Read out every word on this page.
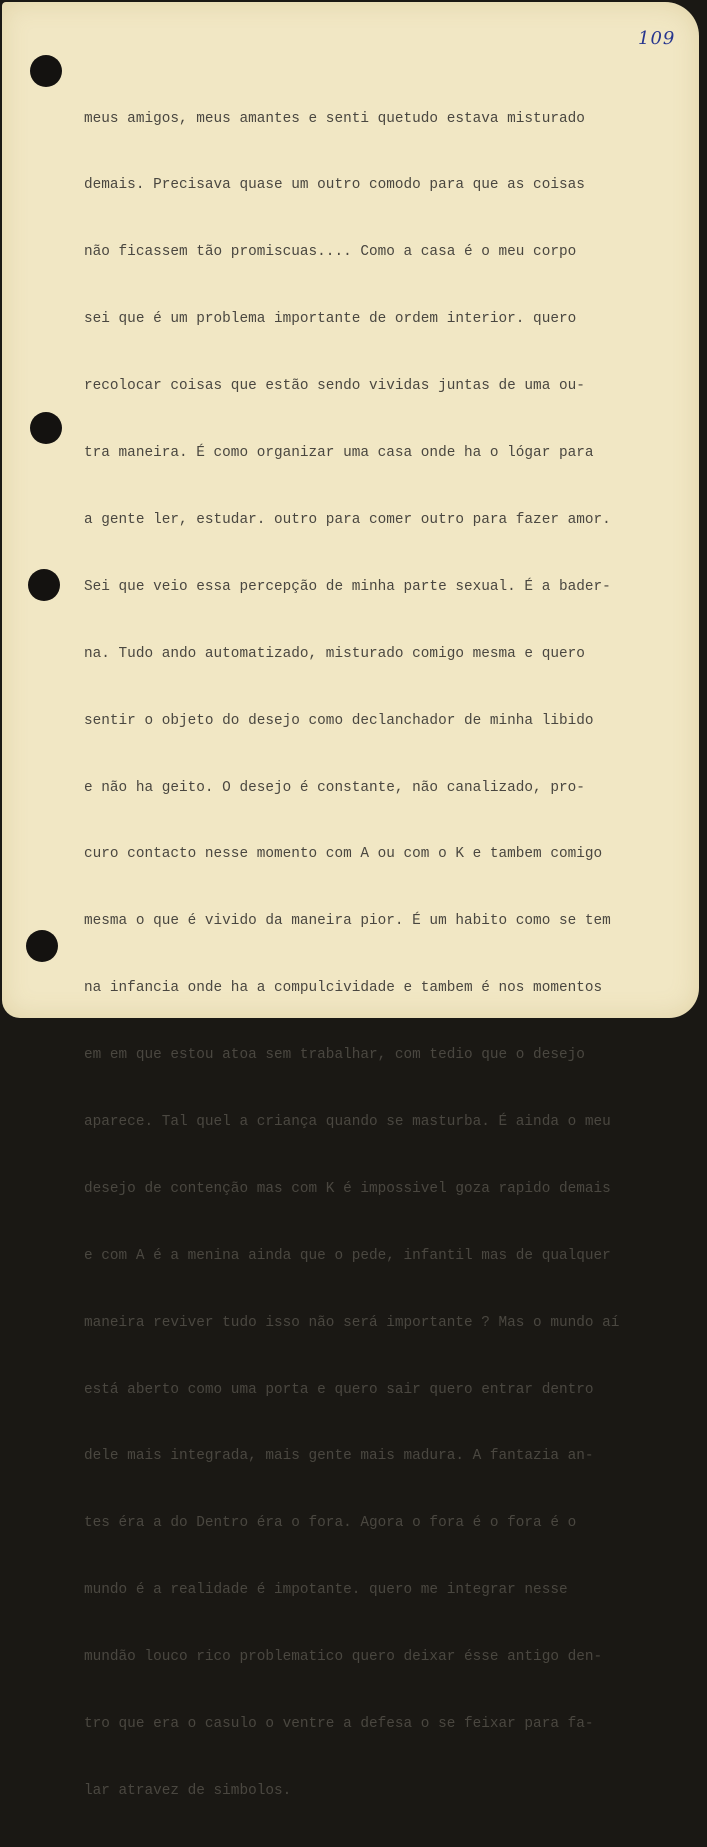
109

meus amigos, meus amantes e senti quetudo estava misturado

demais. Precisava quase um outro comodo para que as coisas

não ficassem tão promiscuas.... Como a casa é o meu corpo

sei que é um problema importante de ordem interior. quero

recolocar coisas que estão sendo vividas juntas de uma ou-

tra maneira. É como organizar uma casa onde ha o lógar para

a gente ler, estudar. outro para comer outro para fazer amor.

Sei que veio essa percepção de minha parte sexual. É a bader-

na. Tudo ando automatizado, misturado comigo mesma e quero

sentir o objeto do desejo como declanchador de minha libido

e não ha geito. O desejo é constante, não canalizado, pro-

curo contacto nesse momento com A ou com o K e tambem comigo

mesma o que é vivido da maneira pior. É um habito como se tem

na infancia onde ha a compulcividade e tambem é nos momentos

em em que estou atoa sem trabalhar, com tedio que o desejo

aparece. Tal quel a criança quando se masturba. É ainda o meu

desejo de contenção mas com K é impossivel goza rapido demais

e com A é a menina ainda que o pede, infantil mas de qualquer

maneira reviver tudo isso não será importante ? Mas o mundo aí

está aberto como uma porta e quero sair quero entrar dentro

dele mais integrada, mais gente mais madura. A fantazia an-

tes éra a do Dentro éra o fora. Agora o fora é o fora é o

mundo é a realidade é impotante. quero me integrar nesse

mundão louco rico problematico quero deixar ésse antigo den-

tro que era o casulo o ventre a defesa o se feixar para fa-

lar atravez de simbolos.
